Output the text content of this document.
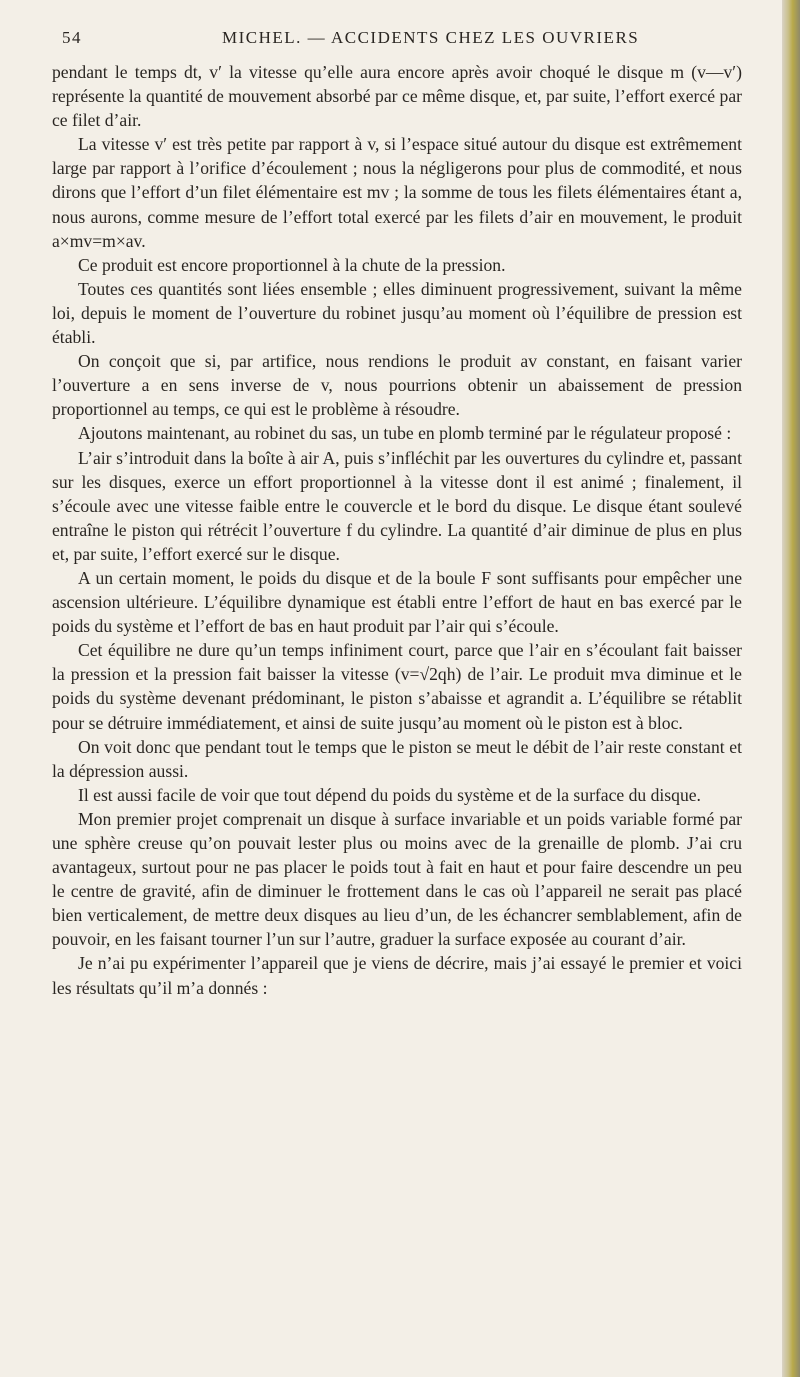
54	MICHEL. — ACCIDENTS CHEZ LES OUVRIERS

pendant le temps dt, v′ la vitesse qu’elle aura encore après avoir choqué le disque m (v—v′) représente la quantité de mouvement absorbé par ce même disque, et, par suite, l’effort exercé par ce filet d’air.

La vitesse v′ est très petite par rapport à v, si l’espace situé autour du disque est extrêmement large par rapport à l’orifice d’écoulement ; nous la négligerons pour plus de commodité, et nous dirons que l’effort d’un filet élémentaire est mv ; la somme de tous les filets élémentaires étant a, nous aurons, comme mesure de l’effort total exercé par les filets d’air en mouvement, le produit a×mv=m×av.

Ce produit est encore proportionnel à la chute de la pression.

Toutes ces quantités sont liées ensemble ; elles diminuent progressivement, suivant la même loi, depuis le moment de l’ouverture du robinet jusqu’au moment où l’équilibre de pression est établi.

On conçoit que si, par artifice, nous rendions le produit av constant, en faisant varier l’ouverture a en sens inverse de v, nous pourrions obtenir un abaissement de pression proportionnel au temps, ce qui est le problème à résoudre.

Ajoutons maintenant, au robinet du sas, un tube en plomb terminé par le régulateur proposé :

L’air s’introduit dans la boîte à air A, puis s’infléchit par les ouvertures du cylindre et, passant sur les disques, exerce un effort proportionnel à la vitesse dont il est animé ; finalement, il s’écoule avec une vitesse faible entre le couvercle et le bord du disque. Le disque étant soulevé entraîne le piston qui rétrécit l’ouverture f du cylindre. La quantité d’air diminue de plus en plus et, par suite, l’effort exercé sur le disque.

A un certain moment, le poids du disque et de la boule F sont suffisants pour empêcher une ascension ultérieure. L’équilibre dynamique est établi entre l’effort de haut en bas exercé par le poids du système et l’effort de bas en haut produit par l’air qui s’écoule.

Cet équilibre ne dure qu’un temps infiniment court, parce que l’air en s’écoulant fait baisser la pression et la pression fait baisser la vitesse (v=√2qh) de l’air. Le produit mva diminue et le poids du système devenant prédominant, le piston s’abaisse et agrandit a. L’équilibre se rétablit pour se détruire immédiatement, et ainsi de suite jusqu’au moment où le piston est à bloc.

On voit donc que pendant tout le temps que le piston se meut le débit de l’air reste constant et la dépression aussi.

Il est aussi facile de voir que tout dépend du poids du système et de la surface du disque.

Mon premier projet comprenait un disque à surface invariable et un poids variable formé par une sphère creuse qu’on pouvait lester plus ou moins avec de la grenaille de plomb. J’ai cru avantageux, surtout pour ne pas placer le poids tout à fait en haut et pour faire descendre un peu le centre de gravité, afin de diminuer le frottement dans le cas où l’appareil ne serait pas placé bien verticalement, de mettre deux disques au lieu d’un, de les échancrer semblablement, afin de pouvoir, en les faisant tourner l’un sur l’autre, graduer la surface exposée au courant d’air.

Je n’ai pu expérimenter l’appareil que je viens de décrire, mais j’ai essayé le premier et voici les résultats qu’il m’a donnés :
